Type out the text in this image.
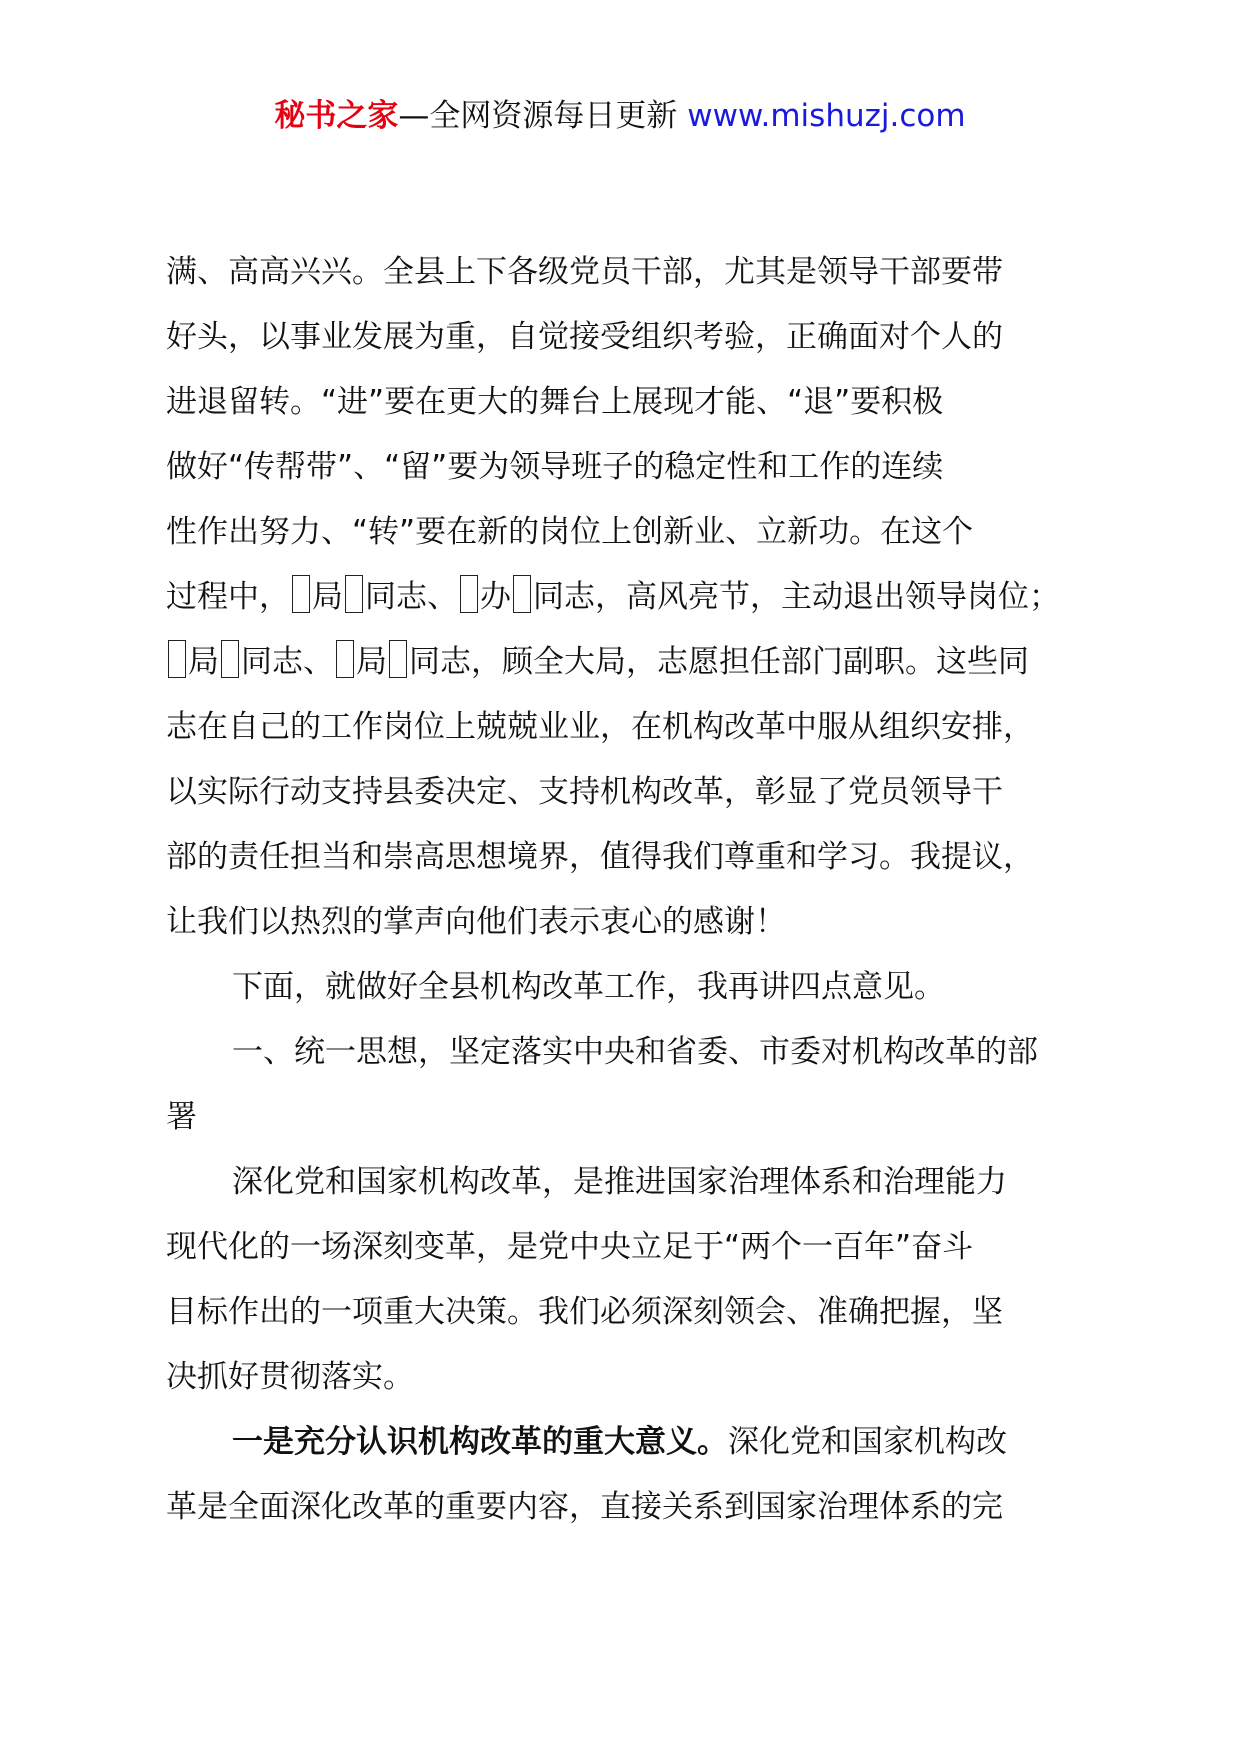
秘书之家—全网资源每日更新 www.mishuzj.com
满、高高兴兴。全县上下各级党员干部，尤其是领导干部要带
好头，以事业发展为重，自觉接受组织考验，正确面对个人的
进退留转。“进”要在更大的舞台上展现才能、“退”要积极
做好“传帮带”、“留”要为领导班子的稳定性和工作的连续
性作出努力、“转”要在新的岗位上创新业、立新功。在这个
过程中， 局 同志、 办 同志，高风亮节，主动退出领导岗位；
局 同志、 局 同志，顾全大局，志愿担任部门副职。这些同
志在自己的工作岗位上兢兢业业，在机构改革中服从组织安排，
以实际行动支持县委决定、支持机构改革，彰显了党员领导干
部的责任担当和崇高思想境界，值得我们尊重和学习。我提议，
让我们以热烈的掌声向他们表示衷心的感谢！
下面，就做好全县机构改革工作，我再讲四点意见。
一、统一思想，坚定落实中央和省委、市委对机构改革的部
署
深化党和国家机构改革，是推进国家治理体系和治理能力
现代化的一场深刻变革，是党中央立足于“两个一百年”奋斗
目标作出的一项重大决策。我们必须深刻领会、准确把握，坚
决抓好贯彻落实。
一是充分认识机构改革的重大意义。深化党和国家机构改
革是全面深化改革的重要内容，直接关系到国家治理体系的完
